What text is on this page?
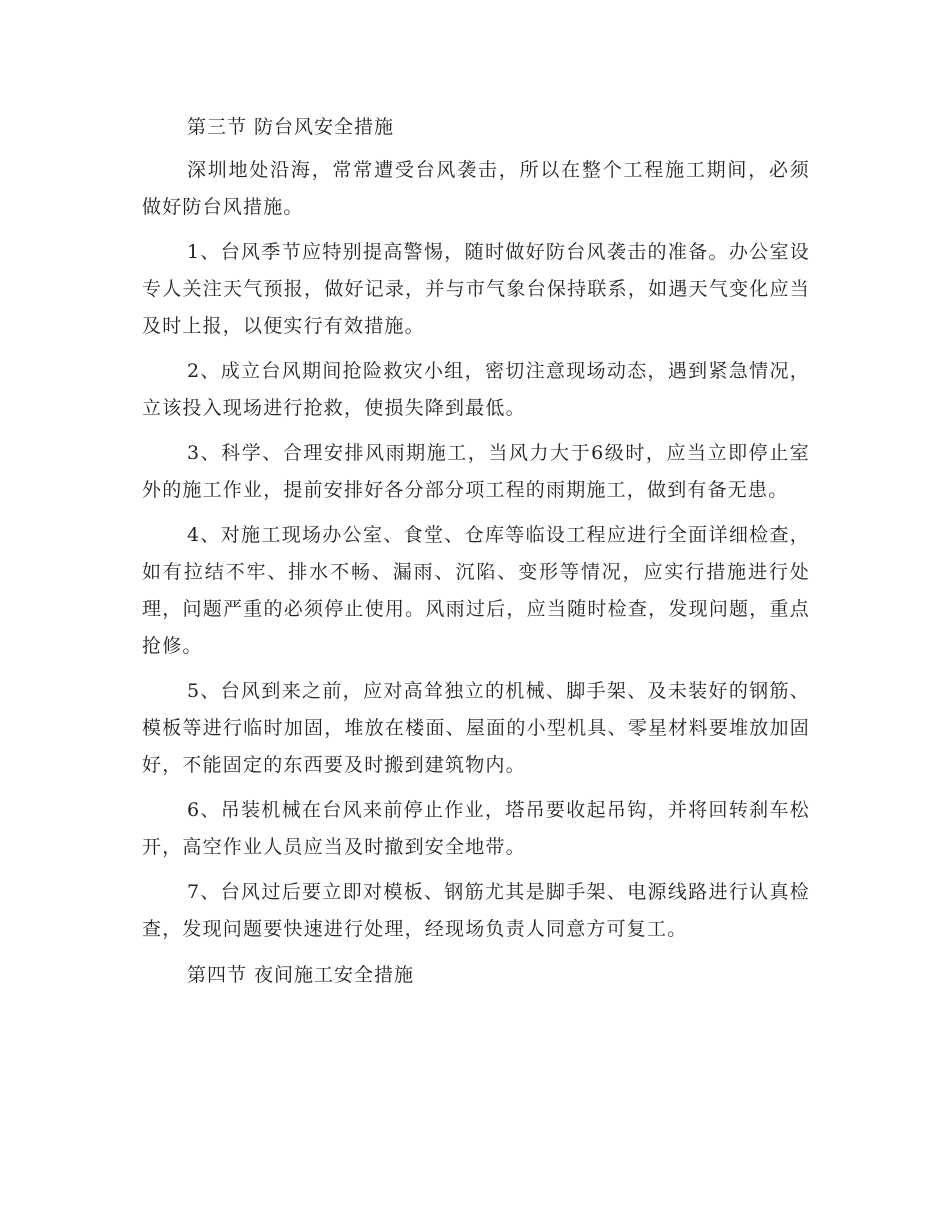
第三节 防台风安全措施

深圳地处沿海，常常遭受台风袭击，所以在整个工程施工期间，必须做好防台风措施。

1、台风季节应特别提高警惕，随时做好防台风袭击的准备。办公室设专人关注天气预报，做好记录，并与市气象台保持联系，如遇天气变化应当及时上报，以便实行有效措施。

2、成立台风期间抢险救灾小组，密切注意现场动态，遇到紧急情况，立该投入现场进行抢救，使损失降到最低。

3、科学、合理安排风雨期施工，当风力大于6级时，应当立即停止室外的施工作业，提前安排好各分部分项工程的雨期施工，做到有备无患。

4、对施工现场办公室、食堂、仓库等临设工程应进行全面详细检查，如有拉结不牢、排水不畅、漏雨、沉陷、变形等情况，应实行措施进行处理，问题严重的必须停止使用。风雨过后，应当随时检查，发现问题，重点抢修。

5、台风到来之前，应对高耸独立的机械、脚手架、及未装好的钢筋、模板等进行临时加固，堆放在楼面、屋面的小型机具、零星材料要堆放加固好，不能固定的东西要及时搬到建筑物内。

6、吊装机械在台风来前停止作业，塔吊要收起吊钩，并将回转刹车松开，高空作业人员应当及时撤到安全地带。

7、台风过后要立即对模板、钢筋尤其是脚手架、电源线路进行认真检查，发现问题要快速进行处理，经现场负责人同意方可复工。

第四节 夜间施工安全措施
